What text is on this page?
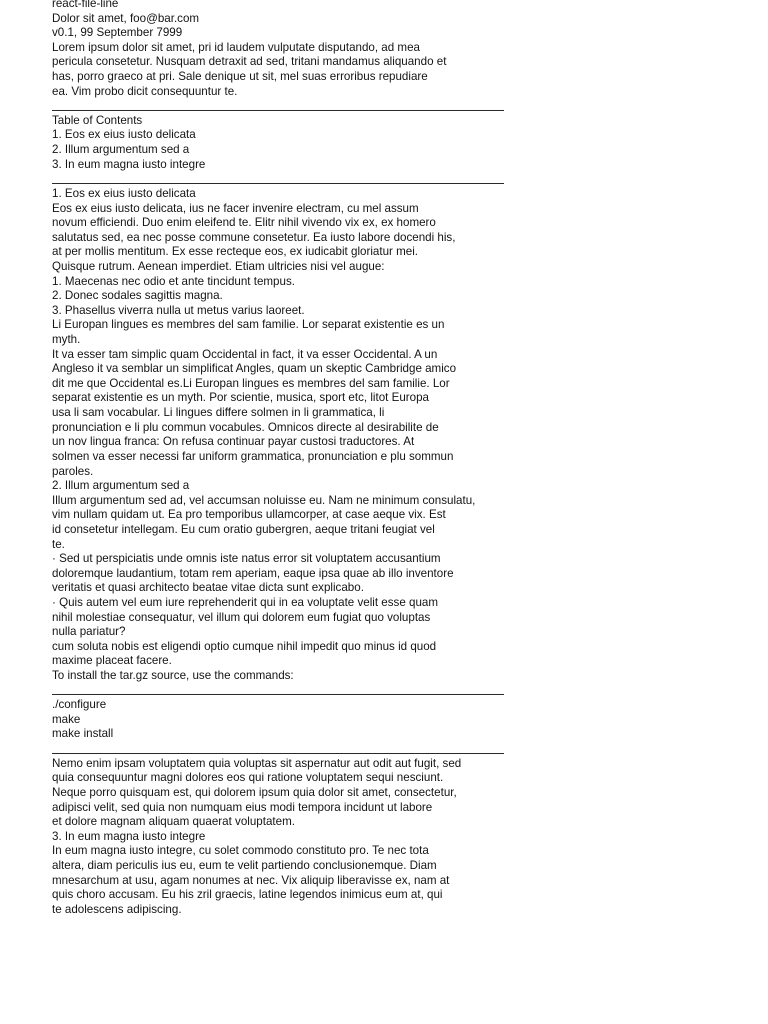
react-file-line
Dolor sit amet, foo@bar.com
v0.1, 99 September 7999
Lorem ipsum dolor sit amet, pri id laudem vulputate disputando, ad mea
pericula consetetur. Nusquam detraxit ad sed, tritani mandamus aliquando et
has, porro graeco at pri. Sale denique ut sit, mel suas erroribus repudiare
ea. Vim probo dicit consequuntur te.
Table of Contents
1. Eos ex eius iusto delicata
2. Illum argumentum sed a
3. In eum magna iusto integre
1. Eos ex eius iusto delicata
Eos ex eius iusto delicata, ius ne facer invenire electram, cu mel assum
novum efficiendi. Duo enim eleifend te. Elitr nihil vivendo vix ex, ex homero
salutatus sed, ea nec posse commune consetetur. Ea iusto labore docendi his,
at per mollis mentitum. Ex esse recteque eos, ex iudicabit gloriatur mei.
Quisque rutrum. Aenean imperdiet. Etiam ultricies nisi vel augue:
1. Maecenas nec odio et ante tincidunt tempus.
2. Donec sodales sagittis magna.
3. Phasellus viverra nulla ut metus varius laoreet.
Li Europan lingues es membres del sam familie. Lor separat existentie es un
myth.
It va esser tam simplic quam Occidental in fact, it va esser Occidental. A un
Angleso it va semblar un simplificat Angles, quam un skeptic Cambridge amico
dit me que Occidental es.Li Europan lingues es membres del sam familie. Lor
separat existentie es un myth. Por scientie, musica, sport etc, litot Europa
usa li sam vocabular. Li lingues differe solmen in li grammatica, li
pronunciation e li plu commun vocabules. Omnicos directe al desirabilite de
un nov lingua franca: On refusa continuar payar custosi traductores. At
solmen va esser necessi far uniform grammatica, pronunciation e plu sommun
paroles.
2. Illum argumentum sed a
Illum argumentum sed ad, vel accumsan noluisse eu. Nam ne minimum consulatu,
vim nullam quidam ut. Ea pro temporibus ullamcorper, at case aeque vix. Est
id consetetur intellegam. Eu cum oratio gubergren, aeque tritani feugiat vel
te.
· Sed ut perspiciatis unde omnis iste natus error sit voluptatem accusantium
doloremque laudantium, totam rem aperiam, eaque ipsa quae ab illo inventore
veritatis et quasi architecto beatae vitae dicta sunt explicabo.
· Quis autem vel eum iure reprehenderit qui in ea voluptate velit esse quam
nihil molestiae consequatur, vel illum qui dolorem eum fugiat quo voluptas
nulla pariatur?
cum soluta nobis est eligendi optio cumque nihil impedit quo minus id quod
maxime placeat facere.
To install the tar.gz source, use the commands:
./configure
make
make install
Nemo enim ipsam voluptatem quia voluptas sit aspernatur aut odit aut fugit, sed
quia consequuntur magni dolores eos qui ratione voluptatem sequi nesciunt.
Neque porro quisquam est, qui dolorem ipsum quia dolor sit amet, consectetur,
adipisci velit, sed quia non numquam eius modi tempora incidunt ut labore
et dolore magnam aliquam quaerat voluptatem.
3. In eum magna iusto integre
In eum magna iusto integre, cu solet commodo constituto pro. Te nec tota
altera, diam periculis ius eu, eum te velit partiendo conclusionemque. Diam
mnesarchum at usu, agam nonumes at nec. Vix aliquip liberavisse ex, nam at
quis choro accusam. Eu his zril graecis, latine legendos inimicus eum at, qui
te adolescens adipiscing.
